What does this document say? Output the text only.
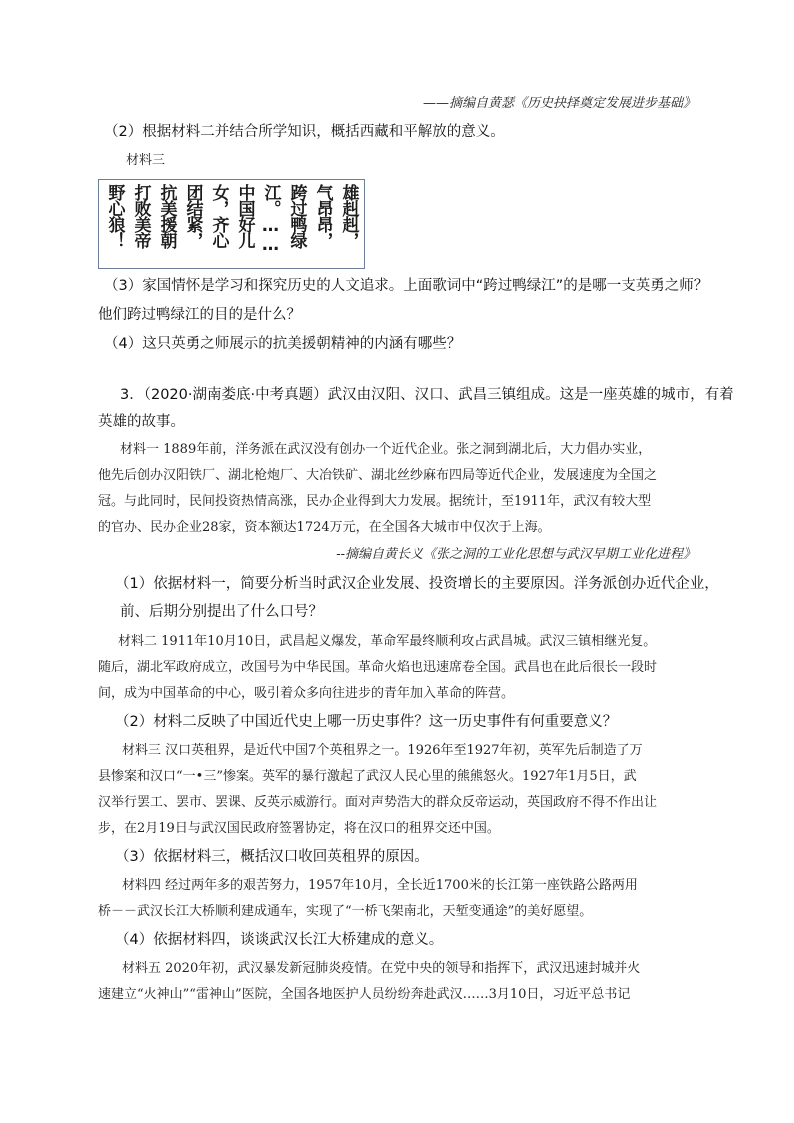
——摘编自黄瑟《历史抉择奠定发展进步基础》
（2）根据材料二并结合所学知识，概括西藏和平解放的意义。
材料三
雄赳赳，
气昂昂，
跨过鸭绿
江。……
中国好儿
女，齐心
团结紧，
抗美援朝
打败美帝
野心狼！
（3）家国情怀是学习和探究历史的人文追求。上面歌词中“跨过鸭绿江”的是哪一支英勇之师？
他们跨过鸭绿江的目的是什么？
（4）这只英勇之师展示的抗美援朝精神的内涵有哪些？
3．（2020·湖南娄底·中考真题）武汉由汉阳、汉口、武昌三镇组成。这是一座英雄的城市，有着
英雄的故事。
材料一 1889年前，洋务派在武汉没有创办一个近代企业。张之洞到湖北后，大力倡办实业，
他先后创办汉阳铁厂、湖北枪炮厂、大冶铁矿、湖北丝纱麻布四局等近代企业，发展速度为全国之
冠。与此同时，民间投资热情高涨，民办企业得到大力发展。据统计，至1911年，武汉有较大型
的官办、民办企业28家，资本额达1724万元，在全国各大城市中仅次于上海。
--摘编自黄长义《张之洞的工业化思想与武汉早期工业化进程》
（1）依据材料一，简要分析当时武汉企业发展、投资增长的主要原因。洋务派创办近代企业，
前、后期分别提出了什么口号？
材料二 1911年10月10日，武昌起义爆发，革命军最终顺利攻占武昌城。武汉三镇相继光复。
随后，湖北军政府成立，改国号为中华民国。革命火焰也迅速席卷全国。武昌也在此后很长一段时
间，成为中国革命的中心，吸引着众多向往进步的青年加入革命的阵营。
（2）材料二反映了中国近代史上哪一历史事件？这一历史事件有何重要意义？
材料三 汉口英租界，是近代中国7个英租界之一。1926年至1927年初，英军先后制造了万
县惨案和汉口“一•三”惨案。英军的暴行激起了武汉人民心里的熊熊怒火。1927年1月5日，武
汉举行罢工、罢市、罢课、反英示威游行。面对声势浩大的群众反帝运动，英国政府不得不作出让
步，在2月19日与武汉国民政府签署协定，将在汉口的租界交还中国。
（3）依据材料三，概括汉口收回英租界的原因。
材料四 经过两年多的艰苦努力，1957年10月，全长近1700米的长江第一座铁路公路两用
桥－－武汉长江大桥顺利建成通车，实现了“一桥飞架南北，天堑变通途”的美好愿望。
（4）依据材料四，谈谈武汉长江大桥建成的意义。
材料五 2020年初，武汉暴发新冠肺炎疫情。在党中央的领导和指挥下，武汉迅速封城并火
速建立“火神山”“雷神山”医院，全国各地医护人员纷纷奔赴武汉……3月10日，习近平总书记
